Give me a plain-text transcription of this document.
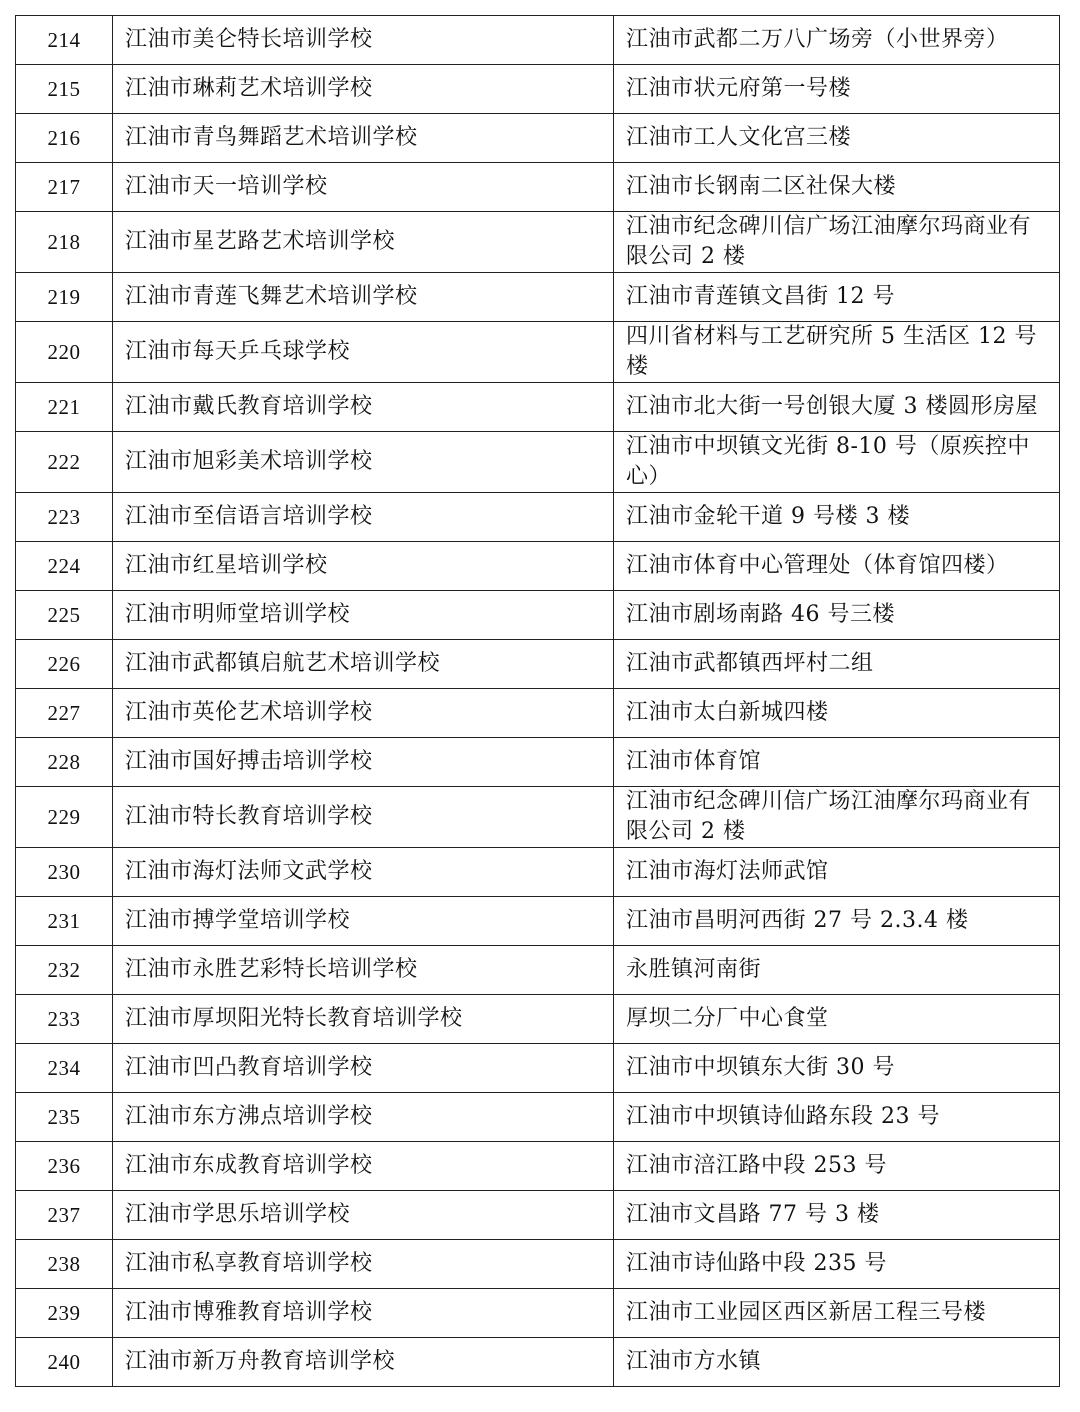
214	江油市美仑特长培训学校	江油市武都二万八广场旁（小世界旁）
215	江油市琳莉艺术培训学校	江油市状元府第一号楼
216	江油市青鸟舞蹈艺术培训学校	江油市工人文化宫三楼
217	江油市天一培训学校	江油市长钢南二区社保大楼
218	江油市星艺路艺术培训学校	江油市纪念碑川信广场江油摩尔玛商业有限公司 2 楼
219	江油市青莲飞舞艺术培训学校	江油市青莲镇文昌街 12 号
220	江油市每天乒乓球学校	四川省材料与工艺研究所 5 生活区 12 号楼
221	江油市戴氏教育培训学校	江油市北大街一号创银大厦 3 楼圆形房屋
222	江油市旭彩美术培训学校	江油市中坝镇文光街 8-10 号（原疾控中心）
223	江油市至信语言培训学校	江油市金轮干道 9 号楼 3 楼
224	江油市红星培训学校	江油市体育中心管理处（体育馆四楼）
225	江油市明师堂培训学校	江油市剧场南路 46 号三楼
226	江油市武都镇启航艺术培训学校	江油市武都镇西坪村二组
227	江油市英伦艺术培训学校	江油市太白新城四楼
228	江油市国好搏击培训学校	江油市体育馆
229	江油市特长教育培训学校	江油市纪念碑川信广场江油摩尔玛商业有限公司 2 楼
230	江油市海灯法师文武学校	江油市海灯法师武馆
231	江油市搏学堂培训学校	江油市昌明河西街 27 号 2.3.4 楼
232	江油市永胜艺彩特长培训学校	永胜镇河南街
233	江油市厚坝阳光特长教育培训学校	厚坝二分厂中心食堂
234	江油市凹凸教育培训学校	江油市中坝镇东大街 30 号
235	江油市东方沸点培训学校	江油市中坝镇诗仙路东段 23 号
236	江油市东成教育培训学校	江油市涪江路中段 253 号
237	江油市学思乐培训学校	江油市文昌路 77 号 3 楼
238	江油市私享教育培训学校	江油市诗仙路中段 235 号
239	江油市博雅教育培训学校	江油市工业园区西区新居工程三号楼
240	江油市新万舟教育培训学校	江油市方水镇
